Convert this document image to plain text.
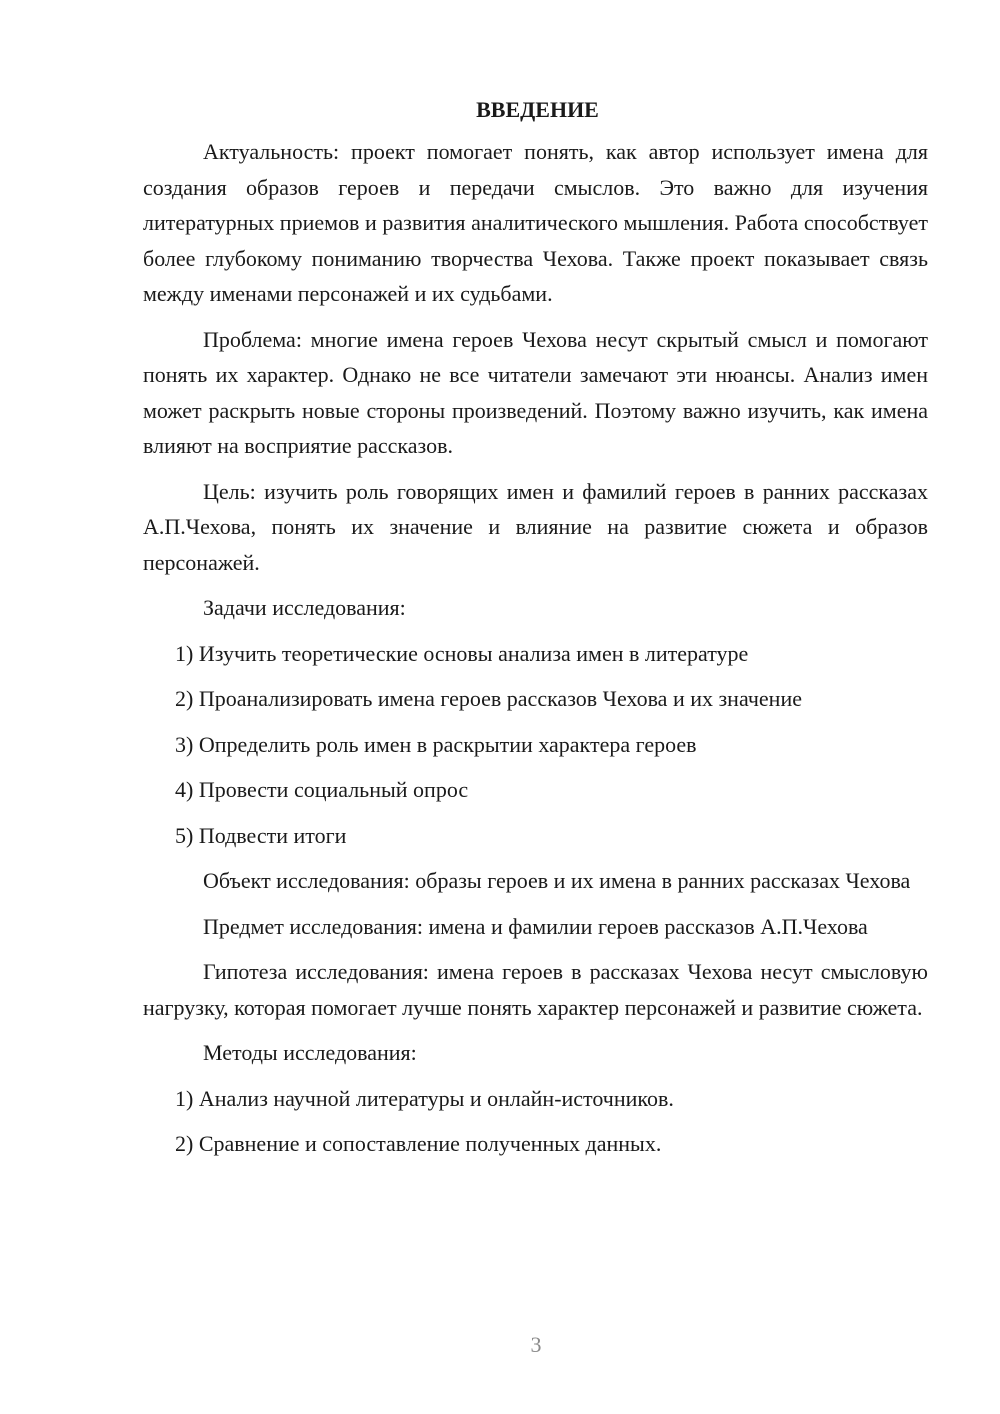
ВВЕДЕНИЕ

Актуальность: проект помогает понять, как автор использует имена для создания образов героев и передачи смыслов. Это важно для изучения литературных приемов и развития аналитического мышления. Работа способствует более глубокому пониманию творчества Чехова. Также проект показывает связь между именами персонажей и их судьбами.

Проблема: многие имена героев Чехова несут скрытый смысл и помогают понять их характер. Однако не все читатели замечают эти нюансы. Анализ имен может раскрыть новые стороны произведений. Поэтому важно изучить, как имена влияют на восприятие рассказов.

Цель: изучить роль говорящих имен и фамилий героев в ранних рассказах А.П.Чехова, понять их значение и влияние на развитие сюжета и образов персонажей.

Задачи исследования:

1) Изучить теоретические основы анализа имен в литературе

2) Проанализировать имена героев рассказов Чехова и их значение

3) Определить роль имен в раскрытии характера героев

4) Провести социальный опрос

5) Подвести итоги

Объект исследования: образы героев и их имена в ранних рассказах Чехова

Предмет исследования: имена и фамилии героев рассказов А.П.Чехова

Гипотеза исследования: имена героев в рассказах Чехова несут смысловую нагрузку, которая помогает лучше понять характер персонажей и развитие сюжета.

Методы исследования:

1) Анализ научной литературы и онлайн-источников.

2) Сравнение и сопоставление полученных данных.

3
